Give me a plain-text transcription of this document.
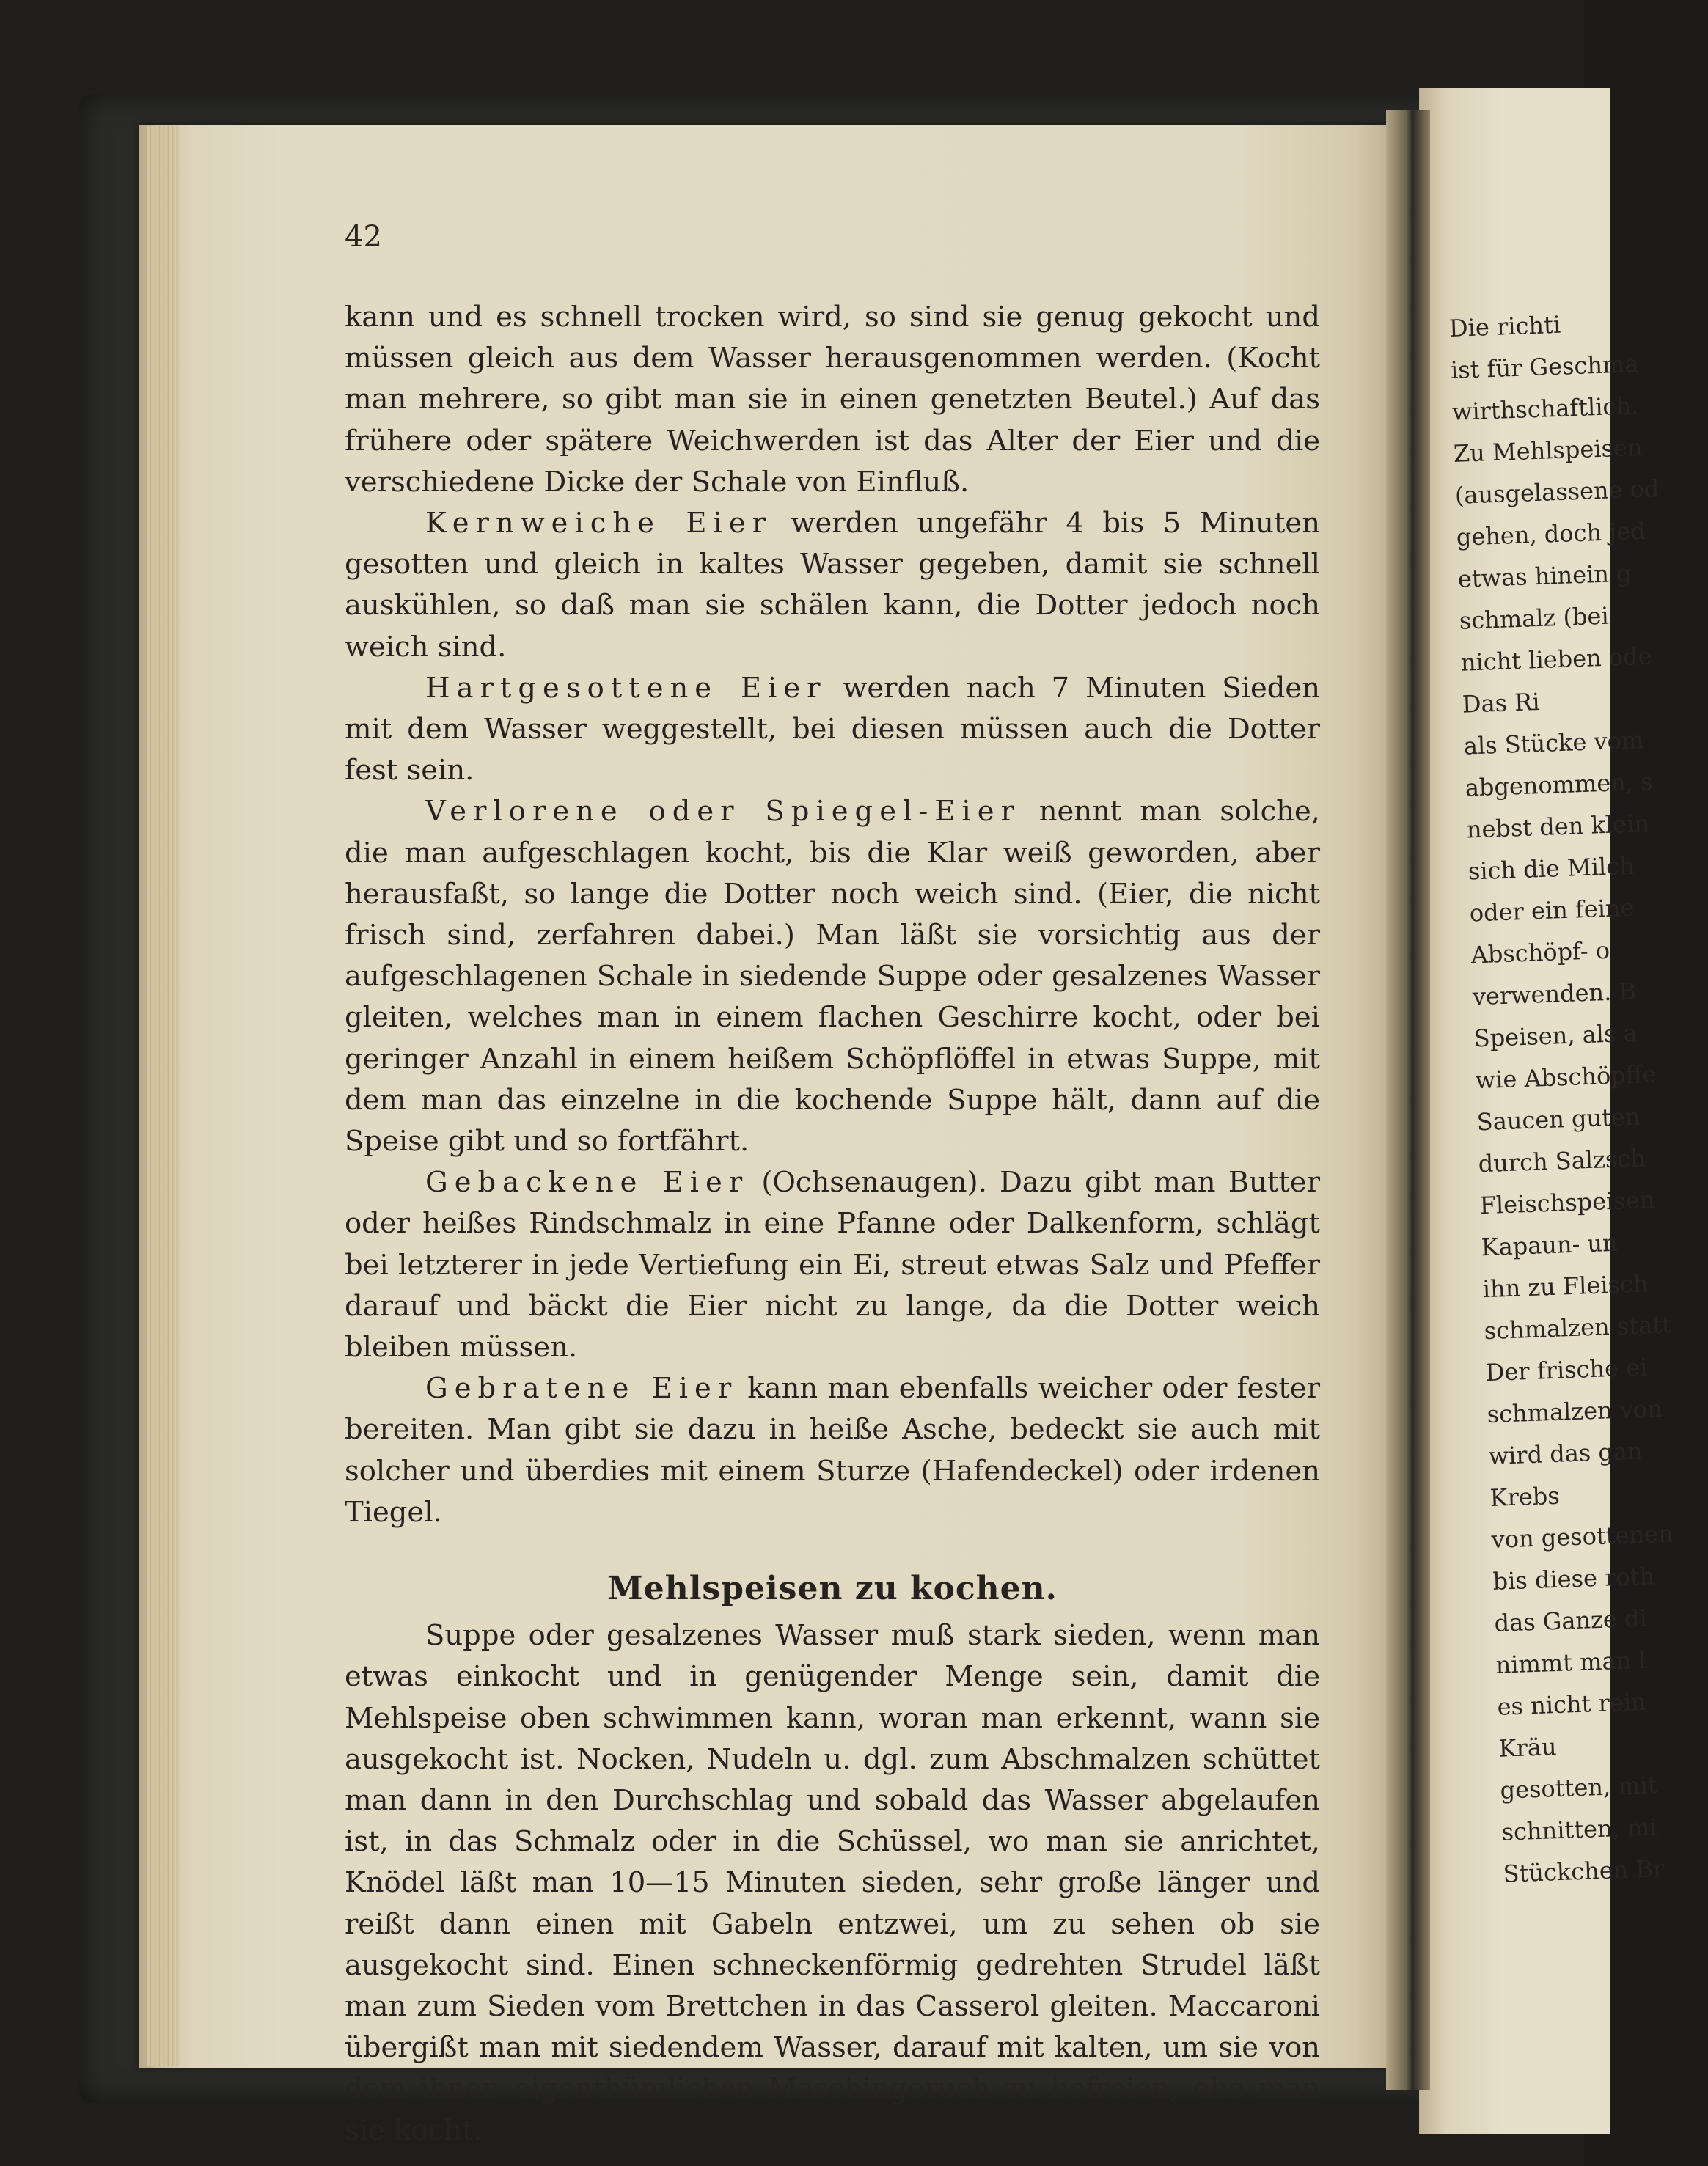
42

kann und es schnell trocken wird, so sind sie genug gekocht und müssen gleich aus dem Wasser herausgenommen werden. (Kocht man mehrere, so gibt man sie in einen genetzten Beutel.) Auf das frühere oder spätere Weichwerden ist das Alter der Eier und die verschiedene Dicke der Schale von Einfluß.

Kernweiche Eier werden ungefähr 4 bis 5 Minuten gesotten und gleich in kaltes Wasser gegeben, damit sie schnell auskühlen, so daß man sie schälen kann, die Dotter jedoch noch weich sind.

Hartgesottene Eier werden nach 7 Minuten Sieden mit dem Wasser weggestellt, bei diesen müssen auch die Dotter fest sein.

Verlorene oder Spiegel-Eier nennt man solche, die man aufgeschlagen kocht, bis die Klar weiß geworden, aber herausfaßt, so lange die Dotter noch weich sind. (Eier, die nicht frisch sind, zerfahren dabei.) Man läßt sie vorsichtig aus der aufgeschlagenen Schale in siedende Suppe oder gesalzenes Wasser gleiten, welches man in einem flachen Geschirre kocht, oder bei geringer Anzahl in einem heißem Schöpflöffel in etwas Suppe, mit dem man das einzelne in die kochende Suppe hält, dann auf die Speise gibt und so fortfährt.

Gebackene Eier (Ochsenaugen). Dazu gibt man Butter oder heißes Rindschmalz in eine Pfanne oder Dalkenform, schlägt bei letzterer in jede Vertiefung ein Ei, streut etwas Salz und Pfeffer darauf und bäckt die Eier nicht zu lange, da die Dotter weich bleiben müssen.

Gebratene Eier kann man ebenfalls weicher oder fester bereiten. Man gibt sie dazu in heiße Asche, bedeckt sie auch mit solcher und überdies mit einem Sturze (Hafendeckel) oder irdenen Tiegel.

Mehlspeisen zu kochen.

Suppe oder gesalzenes Wasser muß stark sieden, wenn man etwas einkocht und in genügender Menge sein, damit die Mehlspeise oben schwimmen kann, woran man erkennt, wann sie ausgekocht ist. Nocken, Nudeln u. dgl. zum Abschmalzen schüttet man dann in den Durchschlag und sobald das Wasser abgelaufen ist, in das Schmalz oder in die Schüssel, wo man sie anrichtet, Knödel läßt man 10—15 Minuten sieden, sehr große länger und reißt dann einen mit Gabeln entzwei, um zu sehen ob sie ausgekocht sind. Einen schneckenförmig gedrehten Strudel läßt man zum Sieden vom Brettchen in das Casserol gleiten. Maccaroni übergißt man mit siedendem Wasser, darauf mit kalten, um sie von dem ihnen eigenthümlichen Maschingeruch zu befreien, ehe man sie kocht.

Die richti
ist für Geschma
wirthschaftlich.
Zu Mehlspeisen
(ausgelassene od
gehen, doch jed
etwas hinein g
schmalz (bei
nicht lieben ode
Das Ri
als Stücke vom
abgenommen, s
nebst den klein
sich die Milch
oder ein feine
Abschöpf- o
verwenden. B
Speisen, als a
wie Abschöpffe
Saucen guten
durch Salzsch
Fleischspeisen
Kapaun- un
ihn zu Fleisch
schmalzen statt
Der frische ei
schmalzen von
wird das gan
Krebs
von gesottenen
bis diese roth
das Ganze di
nimmt man l
es nicht rein
Kräu
gesotten, mit
schnitten, mi
Stückchen Br
